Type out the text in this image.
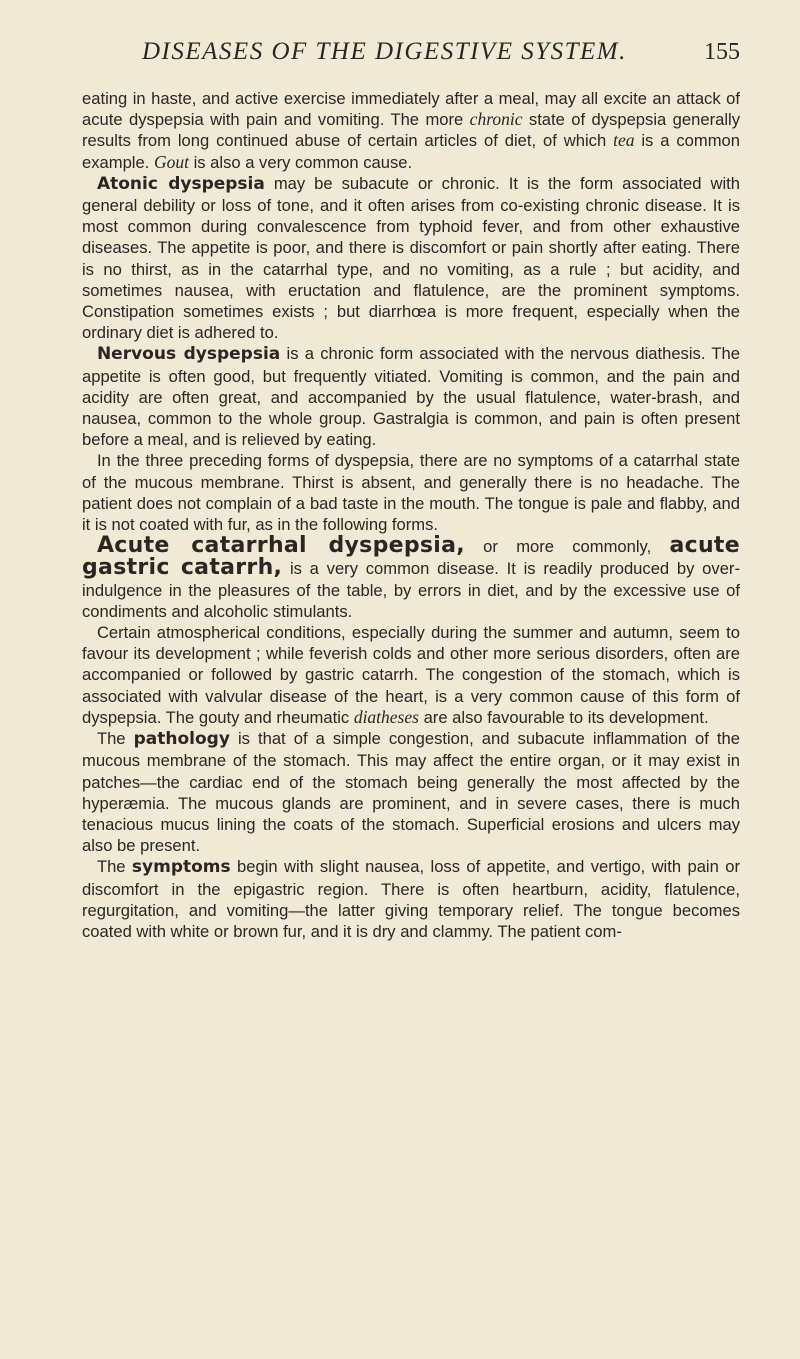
DISEASES OF THE DIGESTIVE SYSTEM.	155

eating in haste, and active exercise immediately after a meal, may all excite an attack of acute dyspepsia with pain and vomiting. The more chronic state of dyspepsia generally results from long continued abuse of certain articles of diet, of which tea is a common example. Gout is also a very common cause.

Atonic dyspepsia may be subacute or chronic. It is the form associated with general debility or loss of tone, and it often arises from co-existing chronic disease. It is most common during convalescence from typhoid fever, and from other exhaustive diseases. The appetite is poor, and there is discomfort or pain shortly after eating. There is no thirst, as in the catarrhal type, and no vomiting, as a rule ; but acidity, and sometimes nausea, with eructation and flatulence, are the prominent symptoms. Constipation sometimes exists ; but diarrhœa is more frequent, especially when the ordinary diet is adhered to.

Nervous dyspepsia is a chronic form associated with the nervous diathesis. The appetite is often good, but frequently vitiated. Vomiting is common, and the pain and acidity are often great, and accompanied by the usual flatulence, water-brash, and nausea, common to the whole group. Gastralgia is common, and pain is often present before a meal, and is relieved by eating.

In the three preceding forms of dyspepsia, there are no symptoms of a catarrhal state of the mucous membrane. Thirst is absent, and generally there is no headache. The patient does not complain of a bad taste in the mouth. The tongue is pale and flabby, and it is not coated with fur, as in the following forms.

Acute catarrhal dyspepsia, or more commonly, acute gastric catarrh, is a very common disease. It is readily produced by over-indulgence in the pleasures of the table, by errors in diet, and by the excessive use of condiments and alcoholic stimulants.

Certain atmospherical conditions, especially during the summer and autumn, seem to favour its development ; while feverish colds and other more serious disorders, often are accompanied or followed by gastric catarrh. The congestion of the stomach, which is associated with valvular disease of the heart, is a very common cause of this form of dyspepsia. The gouty and rheumatic diatheses are also favourable to its development.

The pathology is that of a simple congestion, and subacute inflammation of the mucous membrane of the stomach. This may affect the entire organ, or it may exist in patches—the cardiac end of the stomach being generally the most affected by the hyperæmia. The mucous glands are prominent, and in severe cases, there is much tenacious mucus lining the coats of the stomach. Superficial erosions and ulcers may also be present.

The symptoms begin with slight nausea, loss of appetite, and vertigo, with pain or discomfort in the epigastric region. There is often heartburn, acidity, flatulence, regurgitation, and vomiting—the latter giving temporary relief. The tongue becomes coated with white or brown fur, and it is dry and clammy. The patient com-
